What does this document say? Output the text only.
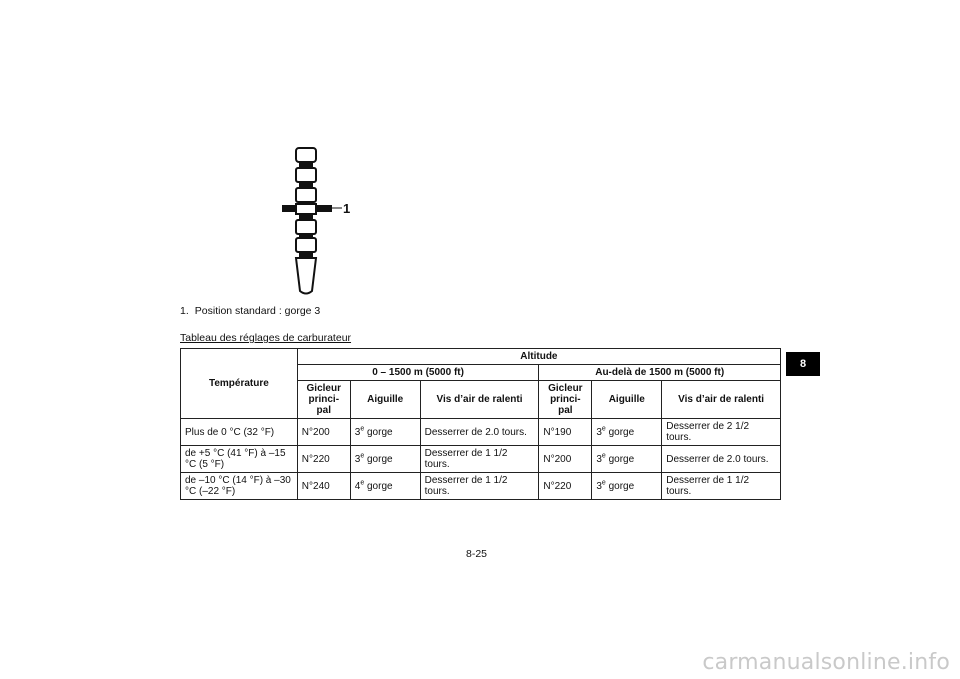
1
1. Position standard : gorge 3
Tableau des réglages de carburateur
Température	Altitude					
	0 – 1500 m (5000 ft)			Au-delà de 1500 m (5000 ft)		
	Gicleur princi- pal	Aiguille	Vis d’air de ralenti	Gicleur princi- pal	Aiguille	Vis d’air de ralenti
Plus de 0 °C (32 °F)	N°200	3e gorge	Desserrer de 2.0 tours.	N°190	3e gorge	Desserrer de 2 1/2 tours.
de +5 °C (41 °F) à –15 °C (5 °F)	N°220	3e gorge	Desserrer de 1 1/2 tours.	N°200	3e gorge	Desserrer de 2.0 tours.
de –10 °C (14 °F) à –30 °C (–22 °F)	N°240	4e gorge	Desserrer de 1 1/2 tours.	N°220	3e gorge	Desserrer de 1 1/2 tours.
8
8-25
carmanualsonline.info
